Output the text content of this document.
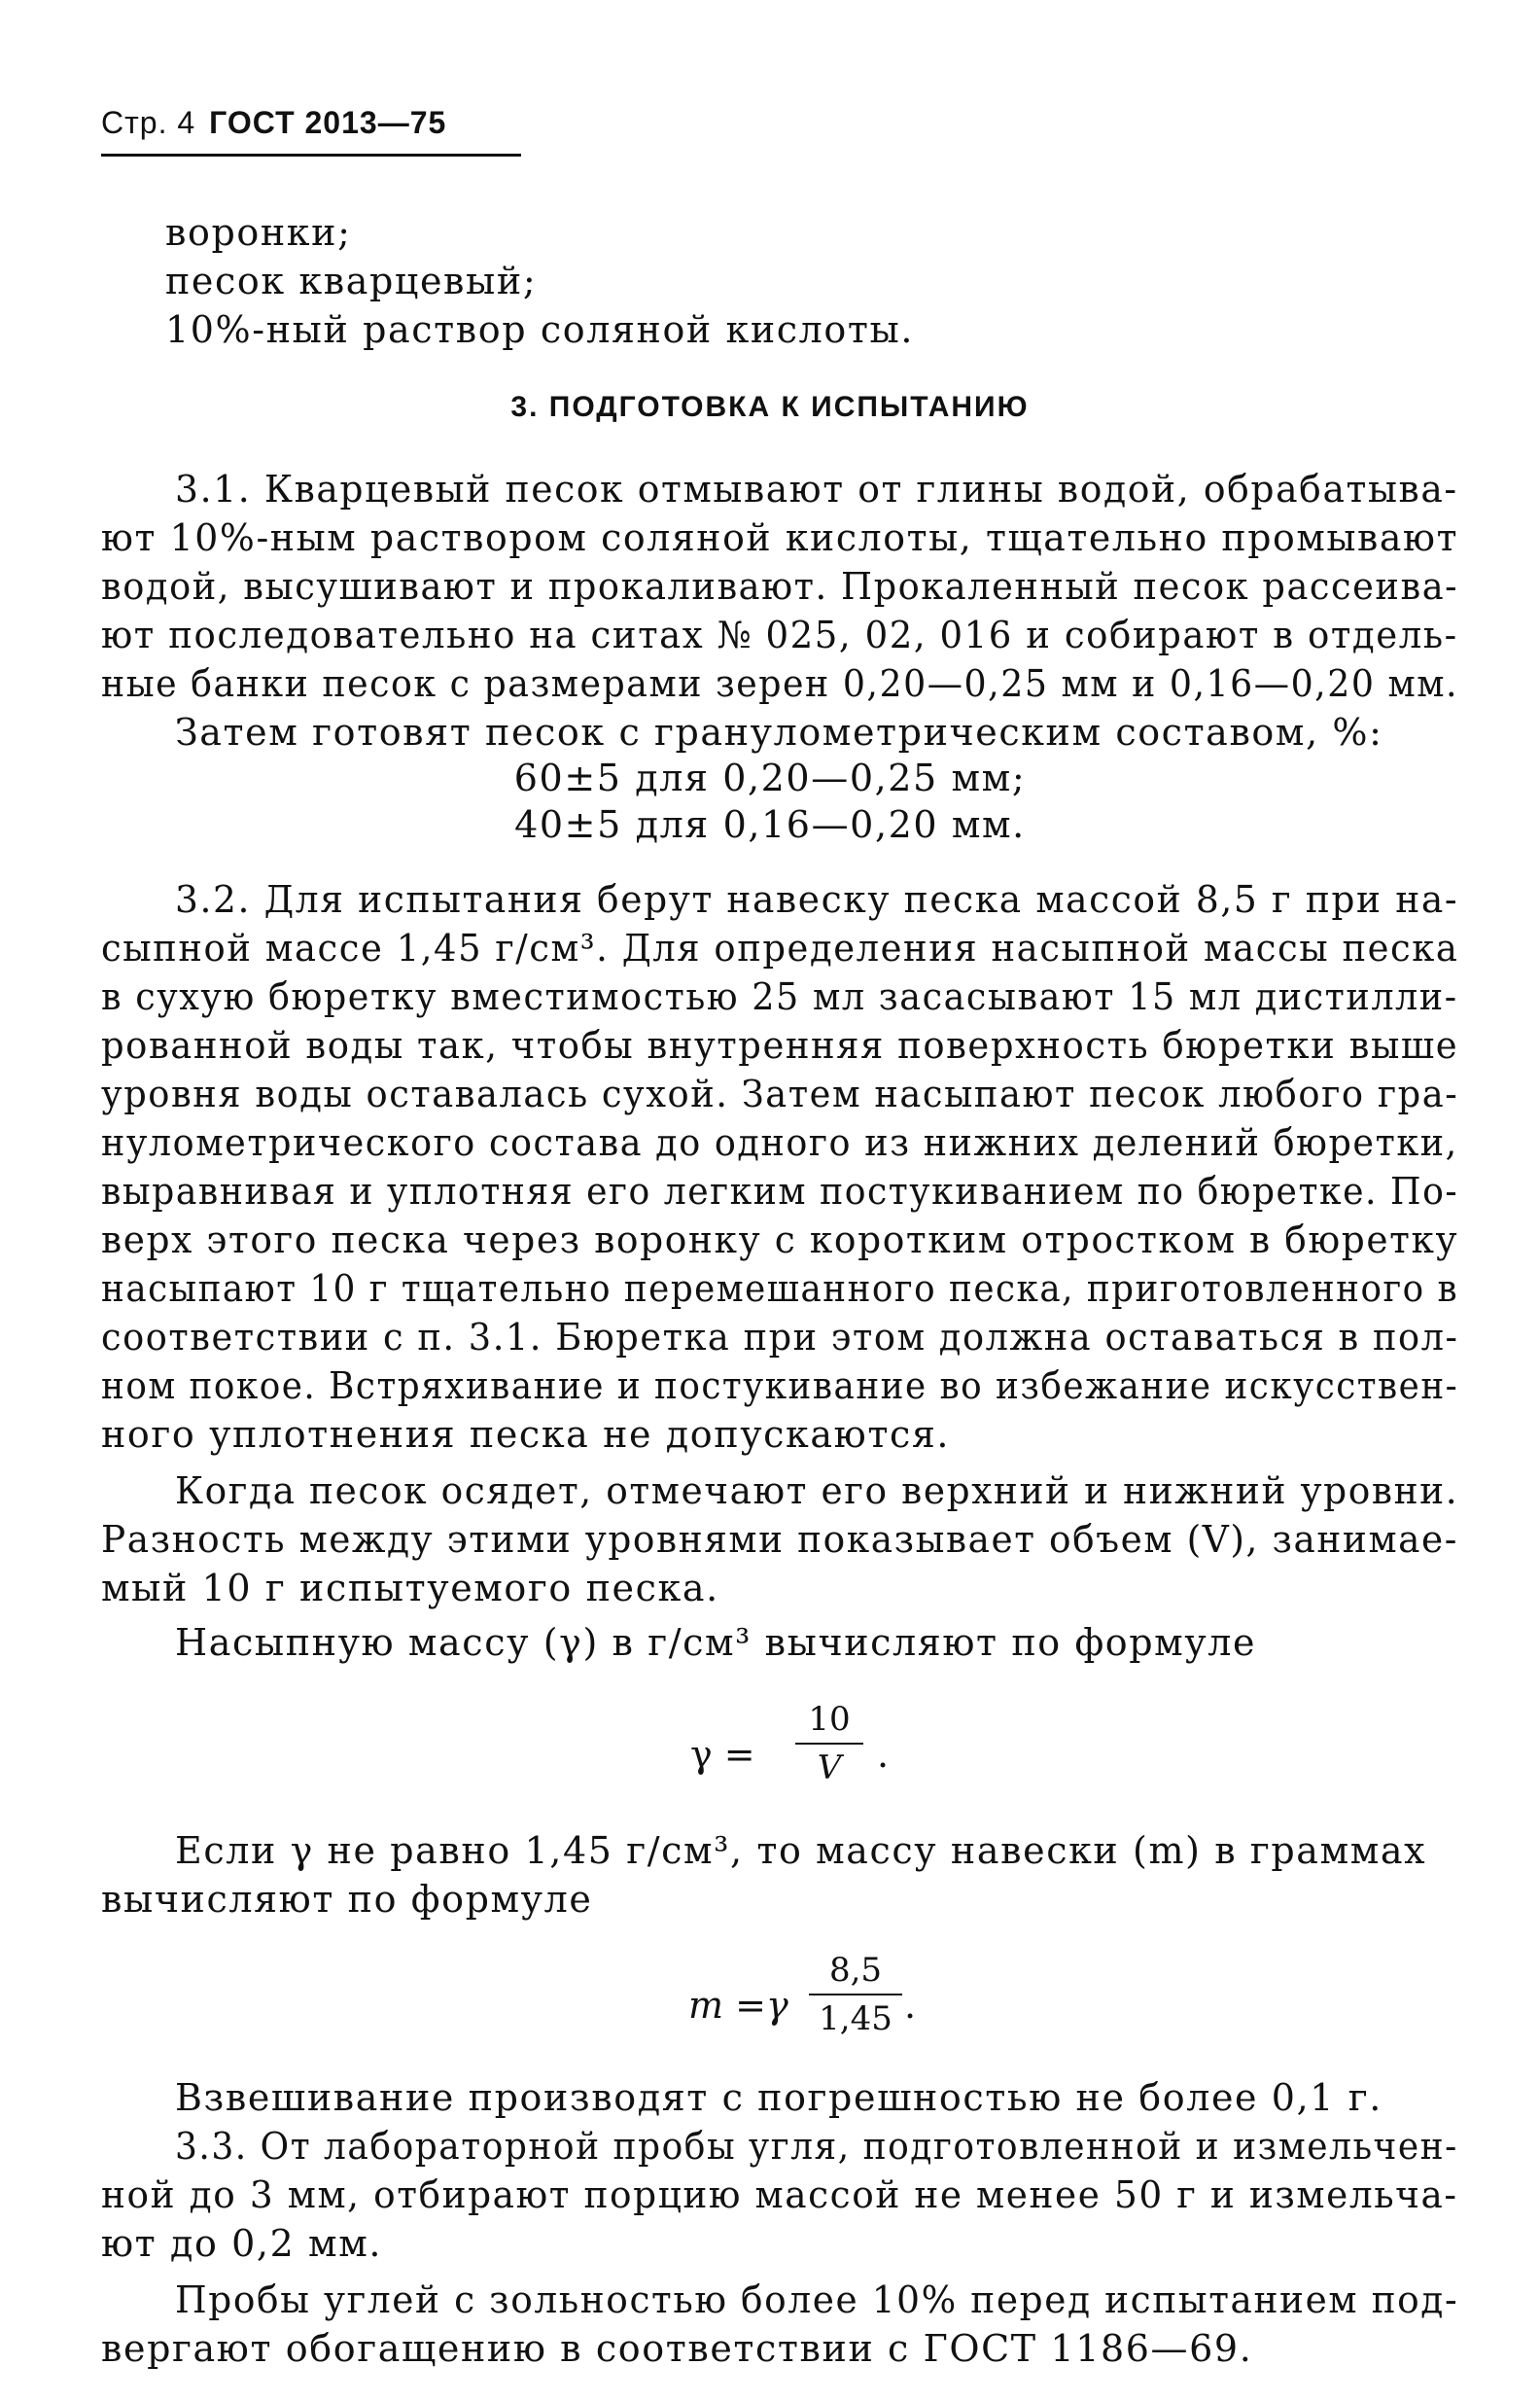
Стр. 4 ГОСТ 2013—75
воронки;
песок кварцевый;
10%-ный раствор соляной кислоты.
3. ПОДГОТОВКА К ИСПЫТАНИЮ
3.1. Кварцевый песок отмывают от глины водой, обрабатыва-
ют 10%-ным раствором соляной кислоты, тщательно промывают
водой, высушивают и прокаливают. Прокаленный песок рассеива-
ют последовательно на ситах № 025, 02, 016 и собирают в отдель-
ные банки песок с размерами зерен 0,20—0,25 мм и 0,16—0,20 мм.
Затем готовят песок с гранулометрическим составом, %:
60±5 для 0,20—0,25 мм;
40±5 для 0,16—0,20 мм.
3.2. Для испытания берут навеску песка массой 8,5 г при на-
сыпной массе 1,45 г/см³. Для определения насыпной массы песка
в сухую бюретку вместимостью 25 мл засасывают 15 мл дистилли-
рованной воды так, чтобы внутренняя поверхность бюретки выше
уровня воды оставалась сухой. Затем насыпают песок любого гра-
нулометрического состава до одного из нижних делений бюретки,
выравнивая и уплотняя его легким постукиванием по бюретке. По-
верх этого песка через воронку с коротким отростком в бюретку
насыпают 10 г тщательно перемешанного песка, приготовленного в
соответствии с п. 3.1. Бюретка при этом должна оставаться в пол-
ном покое. Встряхивание и постукивание во избежание искусствен-
ного уплотнения песка не допускаются.
Когда песок осядет, отмечают его верхний и нижний уровни.
Разность между этими уровнями показывает объем (V), занимае-
мый 10 г испытуемого песка.
Насыпную массу (γ) в г/см³ вычисляют по формуле
γ =
10
V .
Если γ не равно 1,45 г/см³, то массу навески (m) в граммах
вычисляют по формуле
m =γ
8,5
1,45 .
Взвешивание производят с погрешностью не более 0,1 г.
3.3. От лабораторной пробы угля, подготовленной и измельчен-
ной до 3 мм, отбирают порцию массой не менее 50 г и измельча-
ют до 0,2 мм.
Пробы углей с зольностью более 10% перед испытанием под-
вергают обогащению в соответствии с ГОСТ 1186—69.
